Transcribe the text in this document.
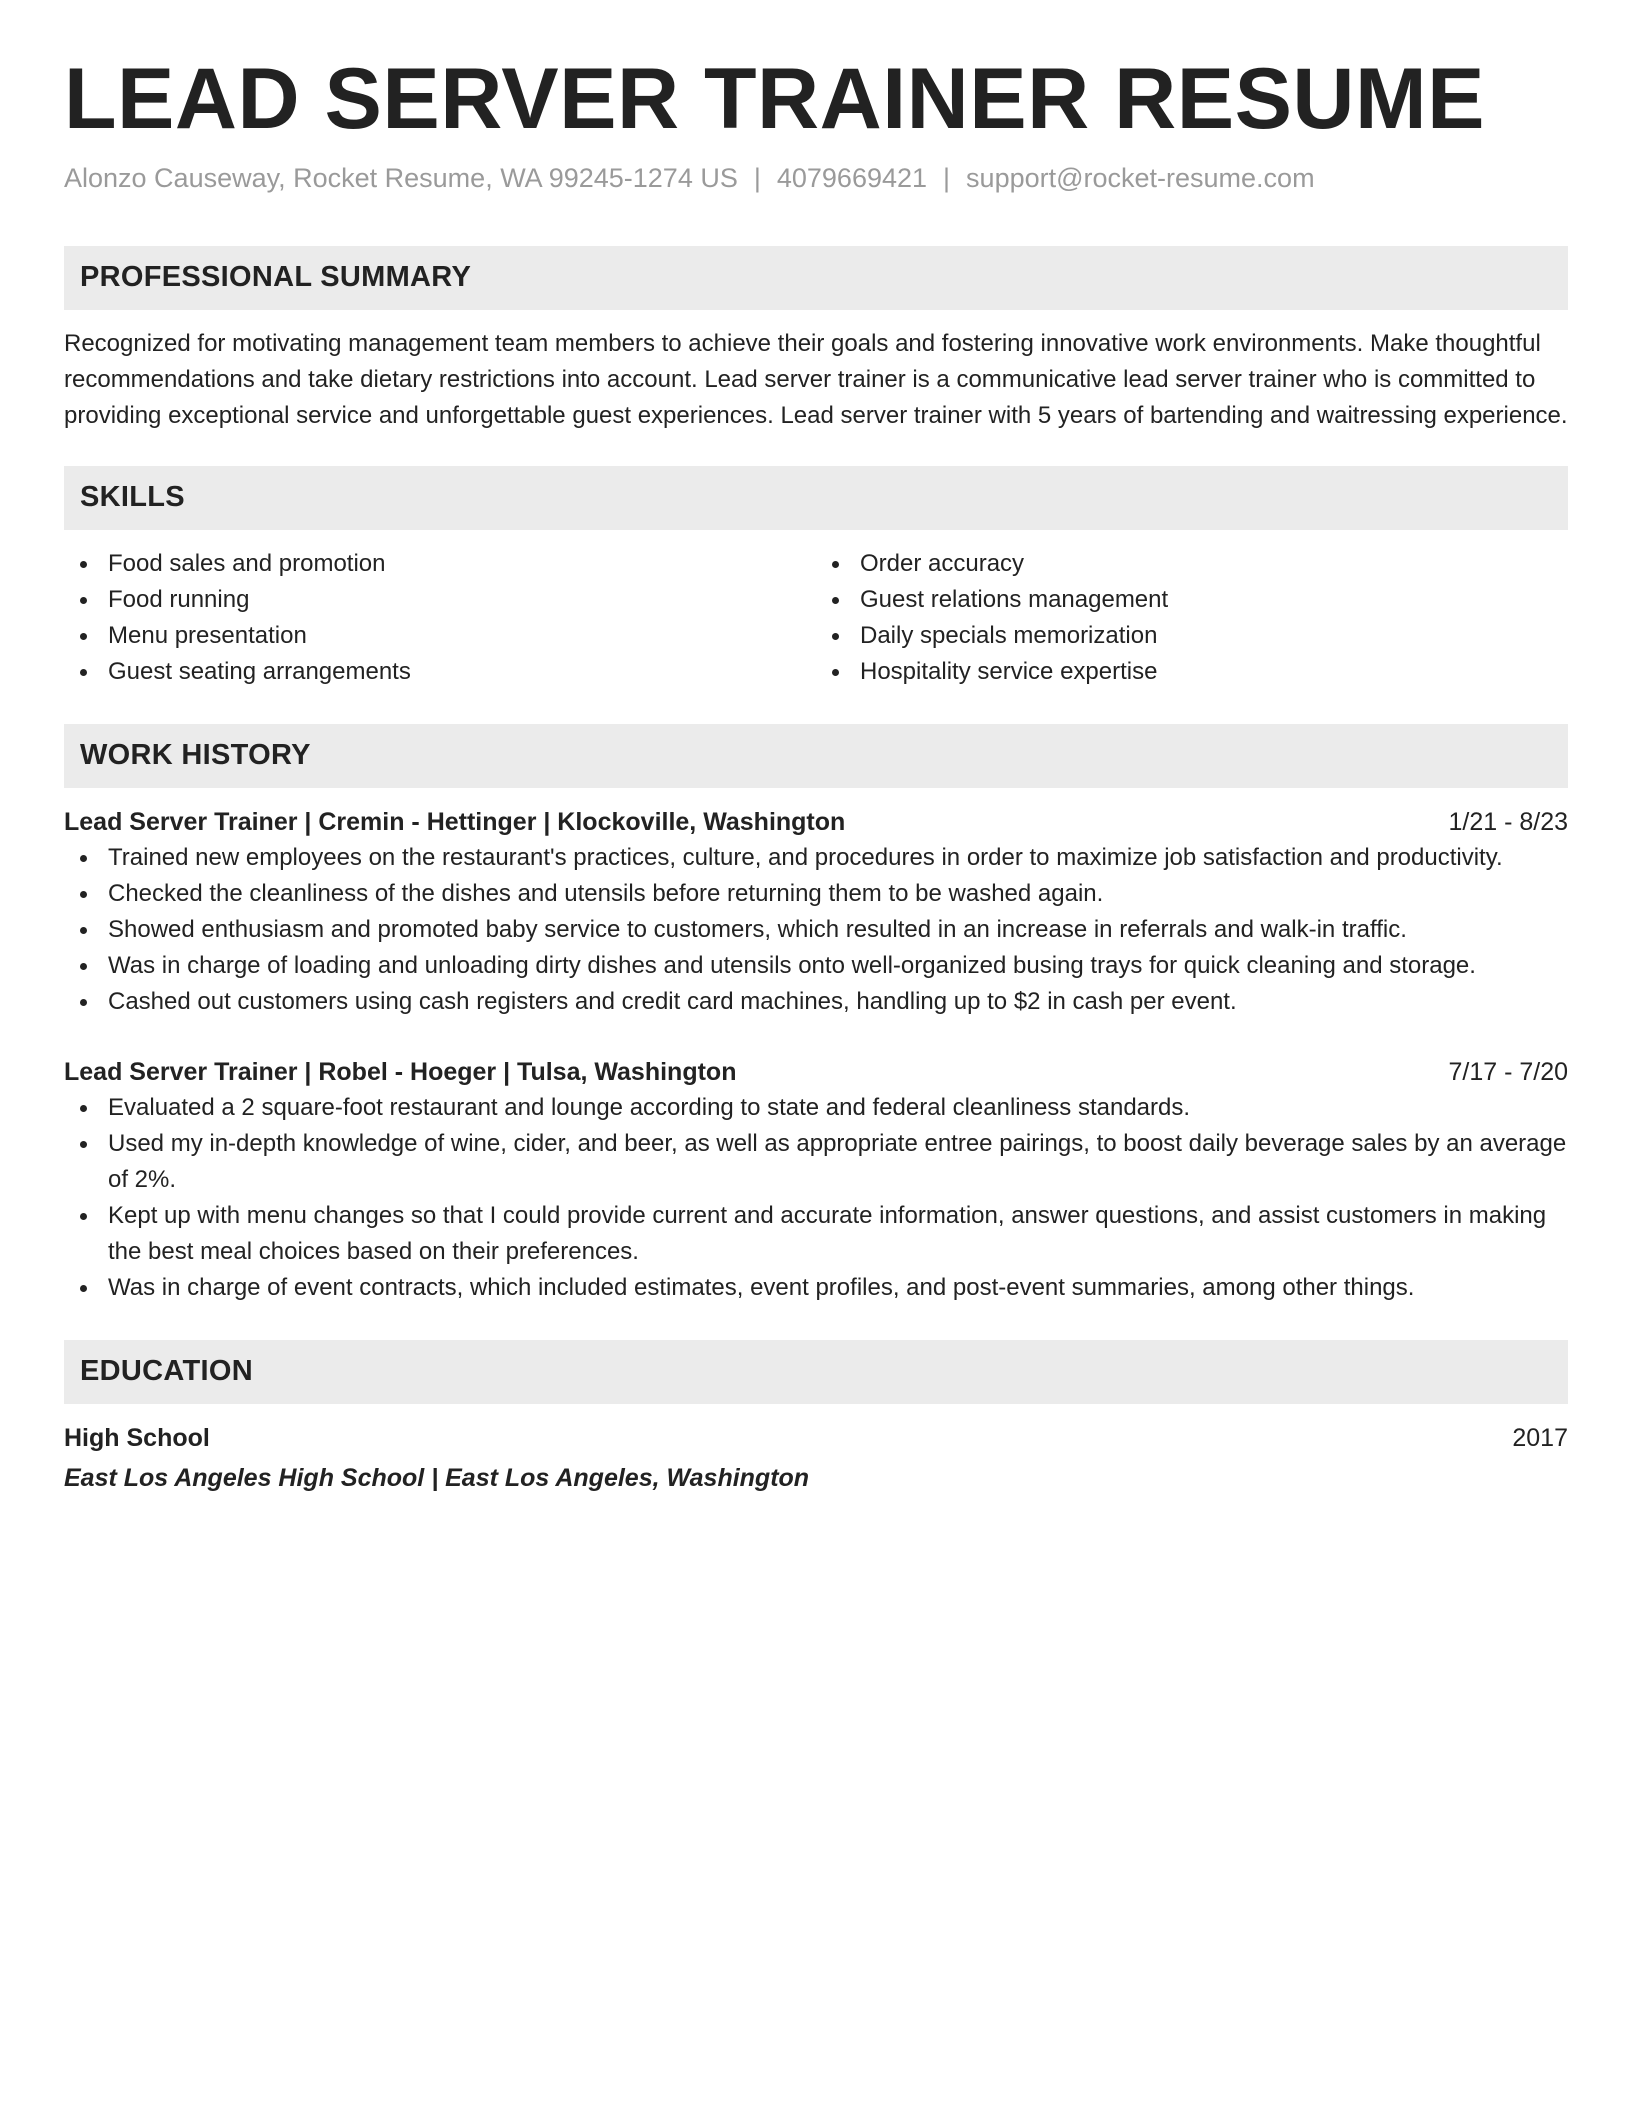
LEAD SERVER TRAINER RESUME
Alonzo Causeway, Rocket Resume, WA 99245-1274 US | 4079669421 | support@rocket-resume.com
PROFESSIONAL SUMMARY
Recognized for motivating management team members to achieve their goals and fostering innovative work environments. Make thoughtful recommendations and take dietary restrictions into account. Lead server trainer is a communicative lead server trainer who is committed to providing exceptional service and unforgettable guest experiences. Lead server trainer with 5 years of bartending and waitressing experience.
SKILLS
Food sales and promotion
Food running
Menu presentation
Guest seating arrangements
Order accuracy
Guest relations management
Daily specials memorization
Hospitality service expertise
WORK HISTORY
Lead Server Trainer | Cremin - Hettinger | Klockoville, Washington	1/21 - 8/23
Trained new employees on the restaurant's practices, culture, and procedures in order to maximize job satisfaction and productivity.
Checked the cleanliness of the dishes and utensils before returning them to be washed again.
Showed enthusiasm and promoted baby service to customers, which resulted in an increase in referrals and walk-in traffic.
Was in charge of loading and unloading dirty dishes and utensils onto well-organized busing trays for quick cleaning and storage.
Cashed out customers using cash registers and credit card machines, handling up to $2 in cash per event.
Lead Server Trainer | Robel - Hoeger | Tulsa, Washington	7/17 - 7/20
Evaluated a 2 square-foot restaurant and lounge according to state and federal cleanliness standards.
Used my in-depth knowledge of wine, cider, and beer, as well as appropriate entree pairings, to boost daily beverage sales by an average of 2%.
Kept up with menu changes so that I could provide current and accurate information, answer questions, and assist customers in making the best meal choices based on their preferences.
Was in charge of event contracts, which included estimates, event profiles, and post-event summaries, among other things.
EDUCATION
High School	2017
East Los Angeles High School | East Los Angeles, Washington
